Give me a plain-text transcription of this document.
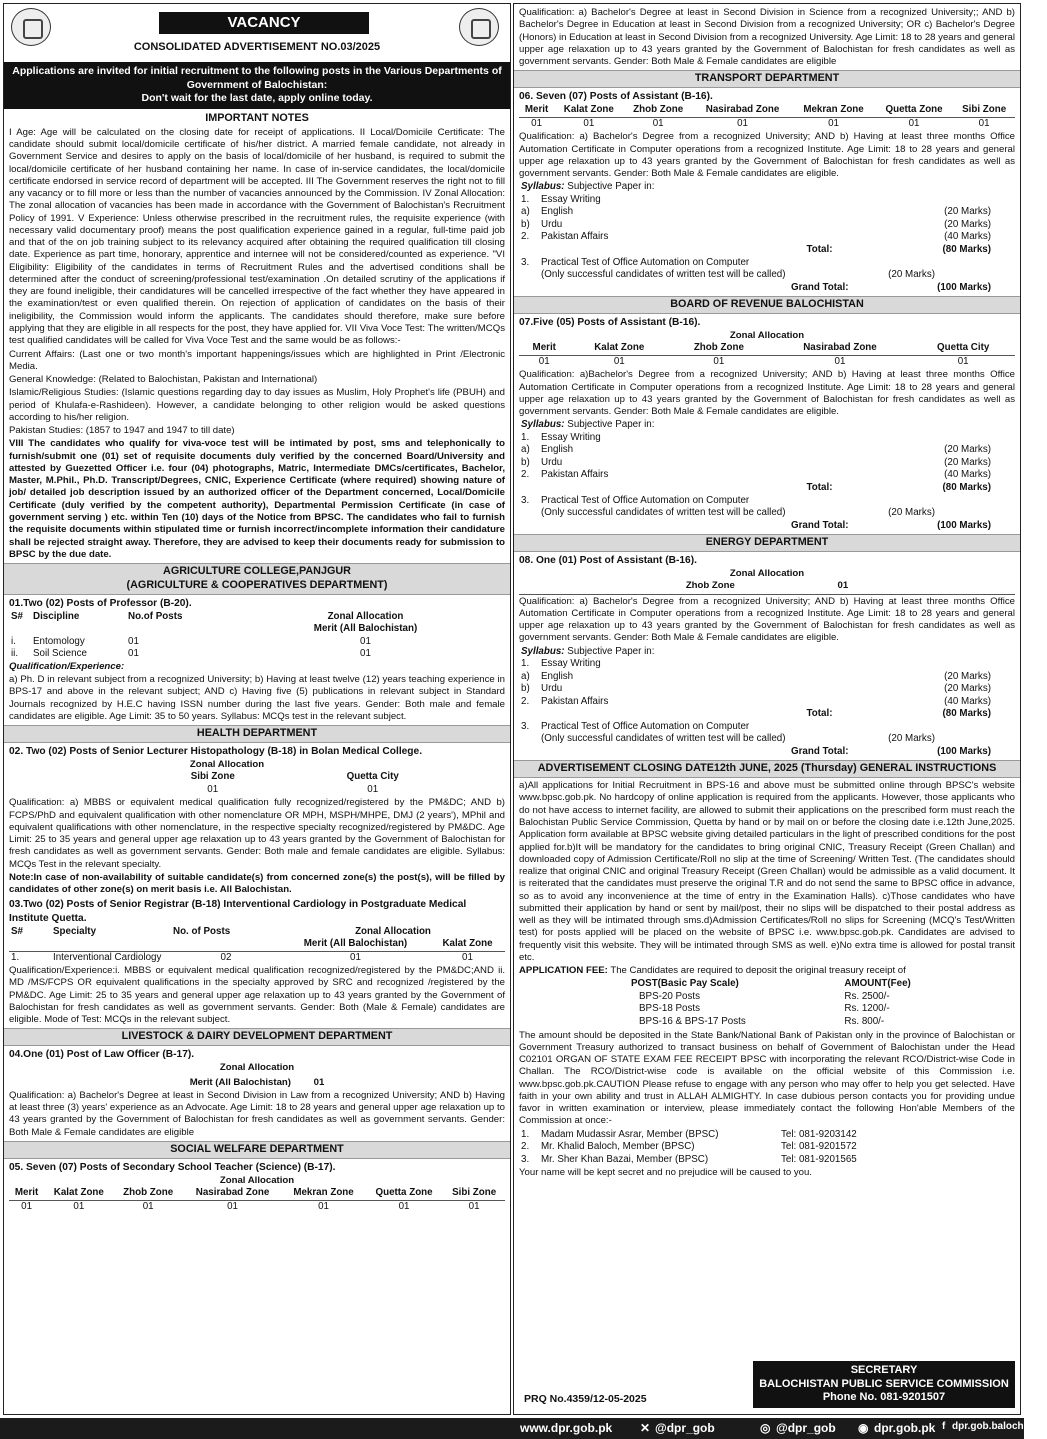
VACANCY
CONSOLIDATED ADVERTISEMENT NO.03/2025
Applications are invited for initial recruitment to the following posts in the Various Departments of Government of Balochistan:
Don't wait for the last date, apply online today.
IMPORTANT NOTES
I Age: Age will be calculated on the closing date for receipt of applications. II Local/Domicile Certificate: The candidate should submit local/domicile certificate of his/her district. A married female candidate, not already in Government Service and desires to apply on the basis of local/domicile of her husband, is required to submit the local/domicile certificate of her husband containing her name. In case of in-service candidates, the local/domicile certificate endorsed in service record of department will be accepted. III The Government reserves the right not to fill any vacancy or to fill more or less than the number of vacancies announced by the Commission. IV Zonal Allocation: The zonal allocation of vacancies has been made in accordance with the Government of Balochistan's Recruitment Policy of 1991. V Experience: Unless otherwise prescribed in the recruitment rules, the requisite experience (with necessary valid documentary proof) means the post qualification experience gained in a regular, full-time paid job and that of the on job training subject to its relevancy acquired after obtaining the required qualification till closing date. Experience as part time, honorary, apprentice and internee will not be considered/counted as experience. "VI Eligibility: Eligibility of the candidates in terms of Recruitment Rules and the advertised conditions shall be determined after the conduct of screening/professional test/examination .On detailed scrutiny of the applications if they are found ineligible, their candidatures will be cancelled irrespective of the fact whether they have appeared in the examination/test or even qualified therein. On rejection of application of candidates on the basis of their ineligibility, the Commission would inform the applicants. The candidates should therefore, make sure before applying that they are eligible in all respects for the post, they have applied for. VII Viva Voce Test: The written/MCQs test qualified candidates will be called for Viva Voce Test and the same would be as follows:-
Current Affairs: (Last one or two month's important happenings/issues which are highlighted in Print /Electronic Media.
General Knowledge: (Related to Balochistan, Pakistan and International)
Islamic/Religious Studies: (Islamic questions regarding day to day issues as Muslim, Holy Prophet's life (PBUH) and period of Khulafa-e-Rashideen). However, a candidate belonging to other religion would be asked questions according to his/her religion.
Pakistan Studies: (1857 to 1947 and 1947 to till date)
VIII The candidates who qualify for viva-voce test will be intimated by post, sms and telephonically to furnish/submit one (01) set of requisite documents duly verified by the concerned Board/University and attested by Guezetted Officer i.e. four (04) photographs, Matric, Intermediate DMCs/certificates, Bachelor, Master, M.Phil., Ph.D. Transcript/Degrees, CNIC, Experience Certificate (where required) showing nature of job/ detailed job description issued by an authorized officer of the Department concerned, Local/Domicile Certificate (duly verified by the competent authority), Departmental Permission Certificate (in case of government serving ) etc. within Ten (10) days of the Notice from BPSC. The candidates who fail to furnish the requisite documents within stipulated time or furnish incorrect/incomplete information their candidature shall be rejected straight away. Therefore, they are advised to keep their documents ready for submission to BPSC by the due date.
AGRICULTURE COLLEGE,PANJGUR
(AGRICULTURE & COOPERATIVES DEPARTMENT)
01.Two (02) Posts of Professor (B-20).
S#	Discipline	No.of Posts	Zonal Allocation
			Merit (All Balochistan)
i.	Entomology	01	01
ii.	Soil Science	01	01
Qualification/Experience:
a) Ph. D in relevant subject from a recognized University; b) Having at least twelve (12) years teaching experience in BPS-17 and above in the relevant subject; AND c) Having five (5) publications in relevant subject in Standard Journals recognized by H.E.C having ISSN number during the last five years. Gender: Both male and female candidates are eligible. Age Limit: 35 to 50 years. Syllabus: MCQs test in the relevant subject.
HEALTH DEPARTMENT
02. Two (02) Posts of Senior Lecturer Histopathology (B-18) in Bolan Medical College.
Zonal Allocation
Sibi Zone	Quetta City
01	01
Qualification: a) MBBS or equivalent medical qualification fully recognized/registered by the PM&DC; AND b) FCPS/PhD and equivalent qualification with other nomenclature OR MPH, MSPH/MHPE, DMJ (2 years'), MPhil and equivalent qualifications with other nomenclature, in the respective specialty recognized/registered by PM&DC. Age Limit: 25 to 35 years and general upper age relaxation up to 43 years granted by the Government of Balochistan for fresh candidates as well as government servants. Gender: Both male and female candidates are eligible. Syllabus: MCQs Test in the relevant specialty.
Note:In case of non-availability of suitable candidate(s) from concerned zone(s) the post(s), will be filled by candidates of other zone(s) on merit basis i.e. All Balochistan.
03.Two (02) Posts of Senior Registrar (B-18) Interventional Cardiology in Postgraduate Medical Institute Quetta.
S#	Specialty	No. of Posts	Zonal Allocation	
			Merit (All Balochistan)	Kalat Zone
1.	Interventional Cardiology	02	01	01
Qualification/Experience:i. MBBS or equivalent medical qualification recognized/registered by the PM&DC;AND ii. MD /MS/FCPS OR equivalent qualifications in the specialty approved by SRC and recognized /registered by the PM&DC. Age Limit: 25 to 35 years and general upper age relaxation up to 43 years granted by the Government of Balochistan for fresh candidates as well as government servants. Gender: Both (Male & Female) candidates are eligible. Mode of Test: MCQs in the relevant subject.
LIVESTOCK & DAIRY DEVELOPMENT DEPARTMENT
04.One (01) Post of Law Officer (B-17).
Zonal Allocation
Merit (All Balochistan) 01
Qualification: a) Bachelor's Degree at least in Second Division in Law from a recognized University; AND b) Having at least three (3) years' experience as an Advocate. Age Limit: 18 to 28 years and general upper age relaxation up to 43 years granted by the Government of Balochistan for fresh candidates as well as government servants. Gender: Both Male & Female candidates are eligible
SOCIAL WELFARE DEPARTMENT
05. Seven (07) Posts of Secondary School Teacher (Science) (B-17).
Zonal Allocation
Merit	Kalat Zone	Zhob Zone	Nasirabad Zone	Mekran Zone	Quetta Zone	Sibi Zone
01	01	01	01	01	01	01
Qualification: a) Bachelor's Degree at least in Second Division in Science from a recognized University;; AND b) Bachelor's Degree in Education at least in Second Division from a recognized University; OR c) Bachelor's Degree (Honors) in Education at least in Second Division from a recognized University. Age Limit: 18 to 28 years and general upper age relaxation up to 43 years granted by the Government of Balochistan for fresh candidates as well as government servants. Gender: Both Male & Female candidates are eligible
TRANSPORT DEPARTMENT
06. Seven (07) Posts of Assistant (B-16).
Merit	Kalat Zone	Zhob Zone	Nasirabad Zone	Mekran Zone	Quetta Zone	Sibi Zone
01	01	01	01	01	01	01
Qualification: a) Bachelor's Degree from a recognized University; AND b) Having at least three months Office Automation Certificate in Computer operations from a recognized Institute. Age Limit: 18 to 28 years and general upper age relaxation up to 43 years granted by the Government of Balochistan for fresh candidates as well as government servants. Gender: Both Male & Female candidates are eligible.
Syllabus: Subjective Paper in:		
1.	Essay Writing	
a)	English	(20 Marks)
b)	Urdu	(20 Marks)
2.	Pakistan Affairs	(40 Marks)
	Total:	(80 Marks)
3.	Practical Test of Office Automation on Computer	
	(Only successful candidates of written test will be called)	(20 Marks)
	Grand Total:	(100 Marks)
BOARD OF REVENUE BALOCHISTAN
07.Five (05) Posts of Assistant (B-16).
Zonal Allocation
Merit	Kalat Zone	Zhob Zone	Nasirabad Zone	Quetta City
01	01	01	01	01
Qualification: a)Bachelor's Degree from a recognized University; AND b) Having at least three months Office Automation Certificate in Computer operations from a recognized Institute. Age Limit: 18 to 28 years and general upper age relaxation up to 43 years granted by the Government of Balochistan for fresh candidates as well as government servants. Gender: Both Male & Female candidates are eligible.
Syllabus: Subjective Paper in:		
1.	Essay Writing	
a)	English	(20 Marks)
b)	Urdu	(20 Marks)
2.	Pakistan Affairs	(40 Marks)
	Total:	(80 Marks)
3.	Practical Test of Office Automation on Computer	
	(Only successful candidates of written test will be called)	(20 Marks)
	Grand Total:	(100 Marks)
ENERGY DEPARTMENT
08. One (01) Post of Assistant (B-16).
Zonal Allocation
Zhob Zone	01
Qualification: a) Bachelor's Degree from a recognized University; AND b) Having at least three months Office Automation Certificate in Computer operations from a recognized Institute. Age Limit: 18 to 28 years and general upper age relaxation up to 43 years granted by the Government of Balochistan for fresh candidates as well as government servants. Gender: Both Male & Female candidates are eligible.
Syllabus: Subjective Paper in:		
1.	Essay Writing	
a)	English	(20 Marks)
b)	Urdu	(20 Marks)
2.	Pakistan Affairs	(40 Marks)
	Total:	(80 Marks)
3.	Practical Test of Office Automation on Computer	
	(Only successful candidates of written test will be called)	(20 Marks)
	Grand Total:	(100 Marks)
ADVERTISEMENT CLOSING DATE12th JUNE, 2025 (Thursday) GENERAL INSTRUCTIONS
a)All applications for Initial Recruitment in BPS-16 and above must be submitted online through BPSC's website www.bpsc.gob.pk. No hardcopy of online application is required from the applicants. However, those applicants who do not have access to internet facility, are allowed to submit their applications on the prescribed form must reach the Balochistan Public Service Commission, Quetta by hand or by mail on or before the closing date i.e.12th June,2025. Application form available at BPSC website giving detailed particulars in the light of prescribed conditions for the post applied for.b)It will be mandatory for the candidates to bring original CNIC, Treasury Receipt (Green Challan) and downloaded copy of Admission Certificate/Roll no slip at the time of Screening/ Written Test. (The candidates should realize that original CNIC and original Treasury Receipt (Green Challan) would be admissible as a valid document. It is reiterated that the candidates must preserve the original T.R and do not send the same to BPSC office in advance, so as to avoid any inconvenience at the time of entry in the Examination Halls). c)Those candidates who have submitted their application by hand or sent by mail/post, their no slips will be dispatched to their postal address as well as they will be intimated through sms.d)Admission Certificates/Roll no slips for Screening (MCQ's Test/Written test) for posts applied will be placed on the website of BPSC i.e. www.bpsc.gob.pk. Candidates are advised to frequently visit this website. They will be intimated through SMS as well. e)No extra time is allowed for postal transit etc.
APPLICATION FEE: The Candidates are required to deposit the original treasury receipt of
POST(Basic Pay Scale)	AMOUNT(Fee)
BPS-20 Posts	Rs. 2500/-
BPS-18 Posts	Rs. 1200/-
BPS-16 & BPS-17 Posts	Rs. 800/-
The amount should be deposited in the State Bank/National Bank of Pakistan only in the province of Balochistan or Government Treasury authorized to transact business on behalf of Government of Balochistan under the Head C02101 ORGAN OF STATE EXAM FEE RECEIPT BPSC with incorporating the relevant RCO/District-wise Code in Challan. The RCO/District-wise code is available on the official website of this Commission i.e. www.bpsc.gob.pk.CAUTION Please refuse to engage with any person who may offer to help you get selected. Have faith in your own ability and trust in ALLAH ALMIGHTY. In case dubious person contacts you for providing undue favor in written examination or interview, please immediately contact the following Hon'able Members of the Commission at once:-
1.	Madam Mudassir Asrar, Member (BPSC)	Tel: 081-9203142
2.	Mr. Khalid Baloch, Member (BPSC)	Tel: 081-9201572
3.	Mr. Sher Khan Bazai, Member (BPSC)	Tel: 081-9201565
Your name will be kept secret and no prejudice will be caused to you.
PRQ No.4359/12-05-2025
SECRETARY
BALOCHISTAN PUBLIC SERVICE COMMISSION
Phone No. 081-9201507
www.dpr.gob.pk ✕ @dpr_gob	◎ @dpr_gob ◉ dpr.gob.pk f dpr.gob.balochistan
